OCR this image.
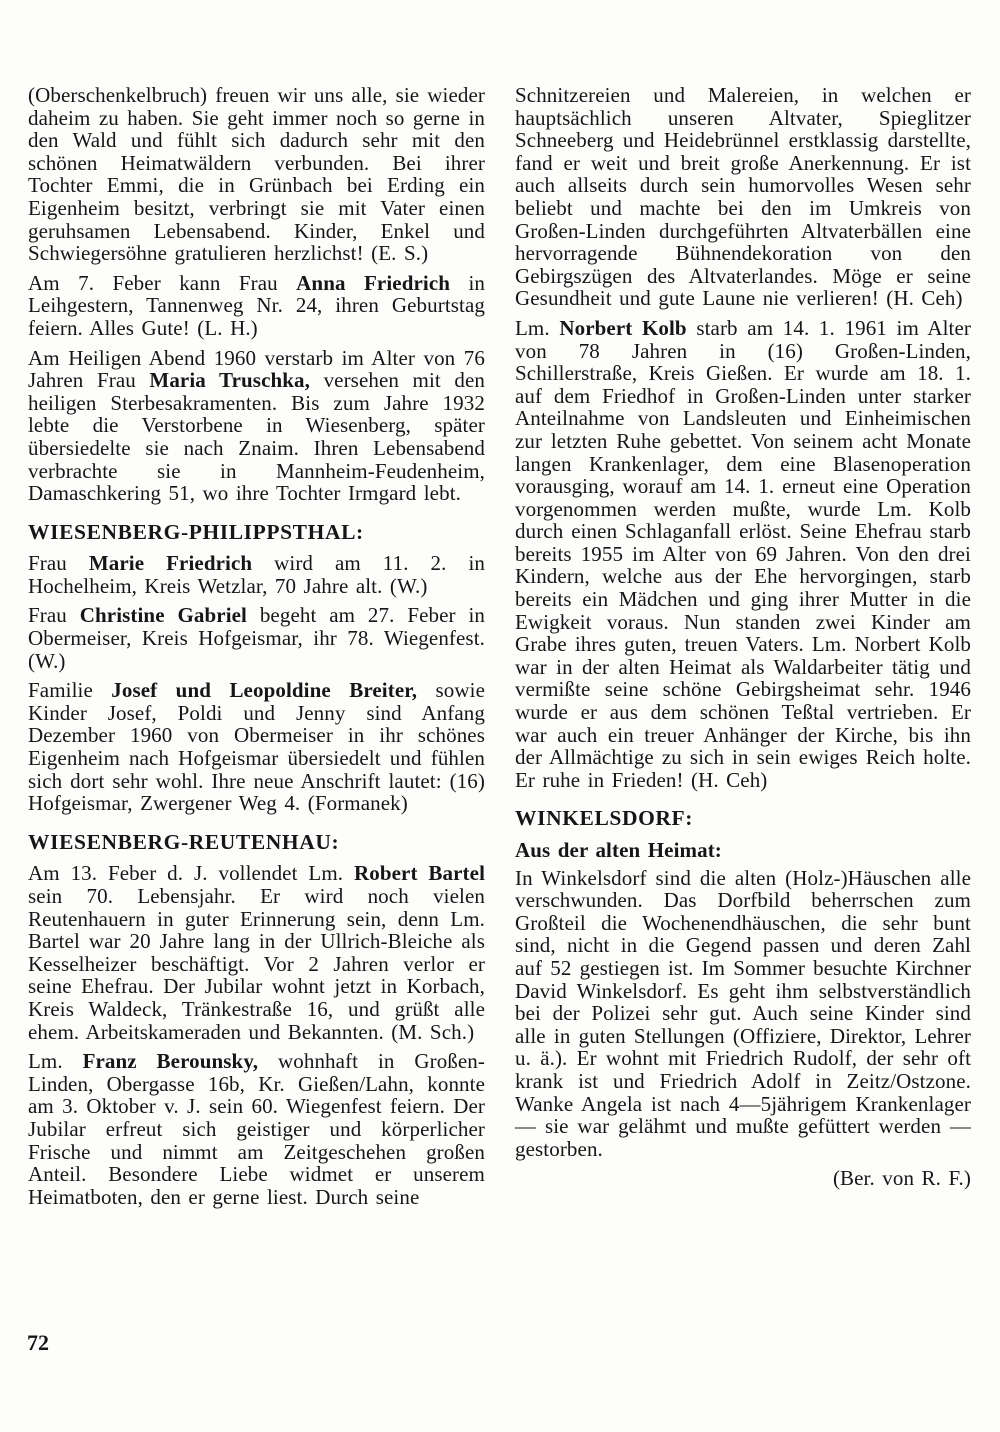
(Oberschenkelbruch) freuen wir uns alle, sie wieder daheim zu haben. Sie geht immer noch so gerne in den Wald und fühlt sich dadurch sehr mit den schönen Heimatwäldern verbunden. Bei ihrer Tochter Emmi, die in Grünbach bei Erding ein Eigenheim besitzt, verbringt sie mit Vater einen geruhsamen Lebensabend. Kinder, Enkel und Schwiegersöhne gratulieren herzlichst! (E. S.)

Am 7. Feber kann Frau Anna Friedrich in Leihgestern, Tannenweg Nr. 24, ihren Geburtstag feiern. Alles Gute! (L. H.)

Am Heiligen Abend 1960 verstarb im Alter von 76 Jahren Frau Maria Truschka, versehen mit den heiligen Sterbesakramenten. Bis zum Jahre 1932 lebte die Verstorbene in Wiesenberg, später übersiedelte sie nach Znaim. Ihren Lebensabend verbrachte sie in Mannheim-Feudenheim, Damaschkering 51, wo ihre Tochter Irmgard lebt.

WIESENBERG-PHILIPPSTHAL:

Frau Marie Friedrich wird am 11. 2. in Hochelheim, Kreis Wetzlar, 70 Jahre alt. (W.)

Frau Christine Gabriel begeht am 27. Feber in Obermeiser, Kreis Hofgeismar, ihr 78. Wiegenfest. (W.)

Familie Josef und Leopoldine Breiter, sowie Kinder Josef, Poldi und Jenny sind Anfang Dezember 1960 von Obermeiser in ihr schönes Eigenheim nach Hofgeismar übersiedelt und fühlen sich dort sehr wohl. Ihre neue Anschrift lautet: (16) Hofgeismar, Zwergener Weg 4. (Formanek)

WIESENBERG-REUTENHAU:

Am 13. Feber d. J. vollendet Lm. Robert Bartel sein 70. Lebensjahr. Er wird noch vielen Reutenhauern in guter Erinnerung sein, denn Lm. Bartel war 20 Jahre lang in der Ullrich-Bleiche als Kesselheizer beschäftigt. Vor 2 Jahren verlor er seine Ehefrau. Der Jubilar wohnt jetzt in Korbach, Kreis Waldeck, Tränkestraße 16, und grüßt alle ehem. Arbeitskameraden und Bekannten. (M. Sch.)

Lm. Franz Berounsky, wohnhaft in Großen-Linden, Obergasse 16b, Kr. Gießen/Lahn, konnte am 3. Oktober v. J. sein 60. Wiegenfest feiern. Der Jubilar erfreut sich geistiger und körperlicher Frische und nimmt am Zeitgeschehen großen Anteil. Besondere Liebe widmet er unserem Heimatboten, den er gerne liest. Durch seine

Schnitzereien und Malereien, in welchen er hauptsächlich unseren Altvater, Spieglitzer Schneeberg und Heidebrünnel erstklassig darstellte, fand er weit und breit große Anerkennung. Er ist auch allseits durch sein humorvolles Wesen sehr beliebt und machte bei den im Umkreis von Großen-Linden durchgeführten Altvaterbällen eine hervorragende Bühnendekoration von den Gebirgszügen des Altvaterlandes. Möge er seine Gesundheit und gute Laune nie verlieren! (H. Ceh)

Lm. Norbert Kolb starb am 14. 1. 1961 im Alter von 78 Jahren in (16) Großen-Linden, Schillerstraße, Kreis Gießen. Er wurde am 18. 1. auf dem Friedhof in Großen-Linden unter starker Anteilnahme von Landsleuten und Einheimischen zur letzten Ruhe gebettet. Von seinem acht Monate langen Krankenlager, dem eine Blasenoperation vorausging, worauf am 14. 1. erneut eine Operation vorgenommen werden mußte, wurde Lm. Kolb durch einen Schlaganfall erlöst. Seine Ehefrau starb bereits 1955 im Alter von 69 Jahren. Von den drei Kindern, welche aus der Ehe hervorgingen, starb bereits ein Mädchen und ging ihrer Mutter in die Ewigkeit voraus. Nun standen zwei Kinder am Grabe ihres guten, treuen Vaters. Lm. Norbert Kolb war in der alten Heimat als Waldarbeiter tätig und vermißte seine schöne Gebirgsheimat sehr. 1946 wurde er aus dem schönen Teßtal vertrieben. Er war auch ein treuer Anhänger der Kirche, bis ihn der Allmächtige zu sich in sein ewiges Reich holte. Er ruhe in Frieden! (H. Ceh)

WINKELSDORF:
Aus der alten Heimat:

In Winkelsdorf sind die alten (Holz-)Häuschen alle verschwunden. Das Dorfbild beherrschen zum Großteil die Wochenendhäuschen, die sehr bunt sind, nicht in die Gegend passen und deren Zahl auf 52 gestiegen ist. Im Sommer besuchte Kirchner David Winkelsdorf. Es geht ihm selbstverständlich bei der Polizei sehr gut. Auch seine Kinder sind alle in guten Stellungen (Offiziere, Direktor, Lehrer u. ä.). Er wohnt mit Friedrich Rudolf, der sehr oft krank ist und Friedrich Adolf in Zeitz/Ostzone. Wanke Angela ist nach 4—5jährigem Krankenlager — sie war gelähmt und mußte gefüttert werden — gestorben.

(Ber. von R. F.)
72
